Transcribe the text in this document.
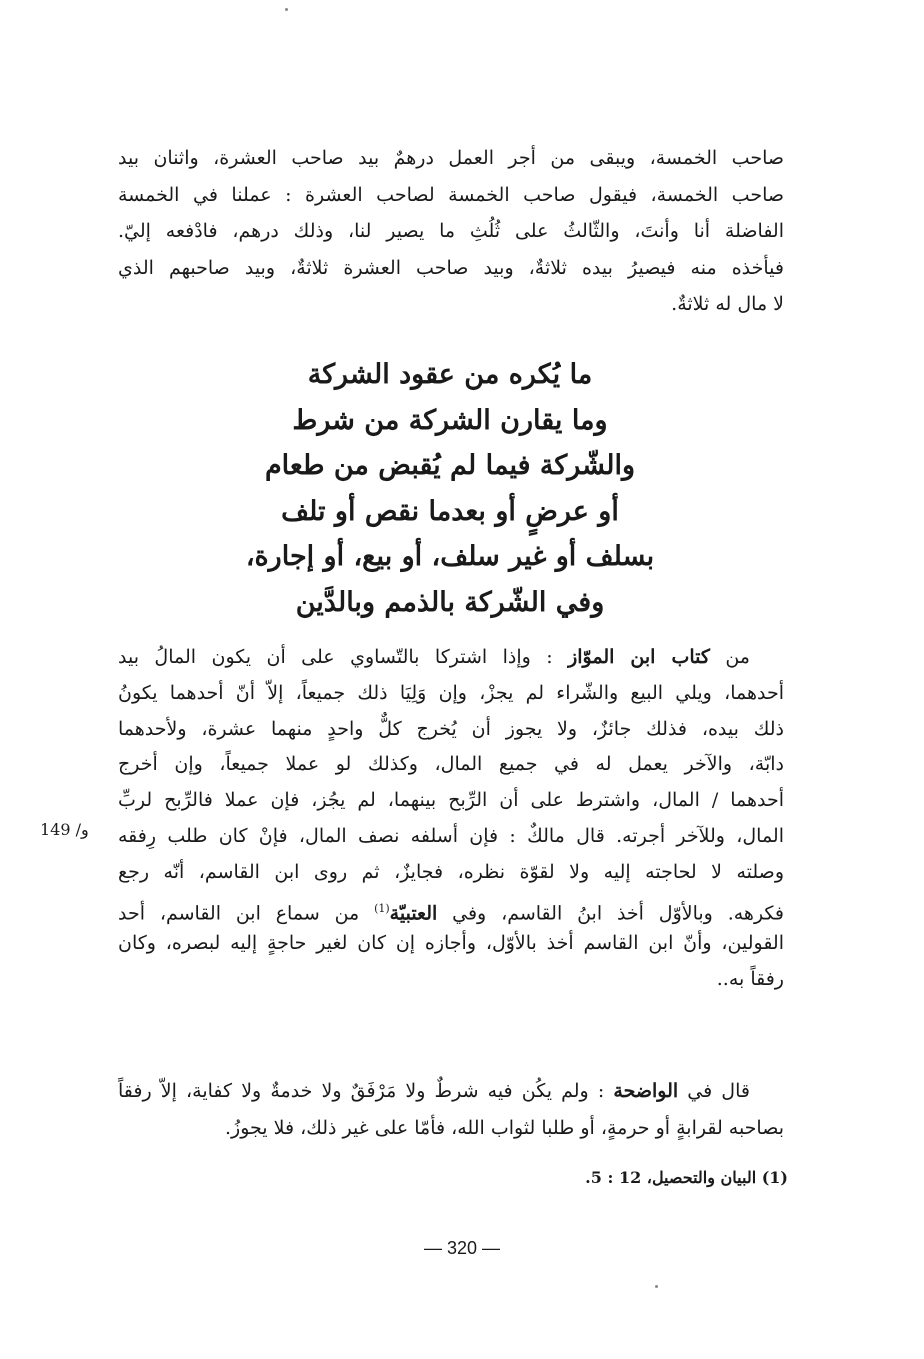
صاحب الخمسة، ويبقى من أجر العمل درهمٌ بيد صاحب العشرة، واثنان بيد
صاحب الخمسة، فيقول صاحب الخمسة لصاحب العشرة : عملنا في الخمسة
الفاضلة أنا وأنتَ، والثّالثُ على ثُلُثِ ما يصير لنا، وذلك درهم، فادْفعه إليّ.
فيأخذه منه فيصيرُ بيده ثلاثةٌ، وبيد صاحب العشرة ثلاثةٌ، وبيد صاحبهم الذي
لا مال له ثلاثةٌ.
ما يُكره من عقود الشركة
وما يقارن الشركة من شرط
والشّركة فيما لم يُقبض من طعام
أو عرضٍ أو بعدما نقص أو تلف
بسلف أو غير سلف، أو بيع، أو إجارة،
وفي الشّركة بالذمم وبالدَّين
من كتاب ابن الموّاز : وإذا اشتركا بالتّساوي على أن يكون المالُ بيد
أحدهما، ويلي البيع والشّراء لم يجزْ، وإن وَلِيَا ذلك جميعاً، إلاّ أنّ أحدهما يكونُ
ذلك بيده، فذلك جائزٌ، ولا يجوز أن يُخرج كلٌّ واحدٍ منهما عشرة، ولأحدهما
دابّة، والآخر يعمل له في جميع المال، وكذلك لو عملا جميعاً، وإن أخرج
أحدهما / المال، واشترط على أن الرِّبح بينهما، لم يجُز، فإن عملا فالرِّبح لربِّ
المال، وللآخر أجرته. قال مالكٌ : فإن أسلفه نصف المال، فإنْ كان طلب رِفقه
وصلته لا لحاجته إليه ولا لقوّة نظره، فجايزٌ، ثم روى ابن القاسم، أنّه رجع
فكرهه. وبالأوّل أخذ ابنُ القاسم، وفي العتبيّة$^{(1)}$ من سماع ابن القاسم، أحد
القولين، وأنّ ابن القاسم أخذ بالأوّل، وأجازه إن كان لغير حاجةٍ إليه لبصره، وكان
رفقاً به..
149 /و
قال في الواضحة : ولم يكُن فيه شرطٌ ولا مَرْفَقٌ ولا خدمةٌ ولا كفاية، إلاّ رفقاً
بصاحبه لقرابةٍ أو حرمةٍ، أو طلبا لثواب الله، فأمّا على غير ذلك، فلا يجوزُ.
(1) البيان والتحصيل، 12 : 5.
— 320 —
